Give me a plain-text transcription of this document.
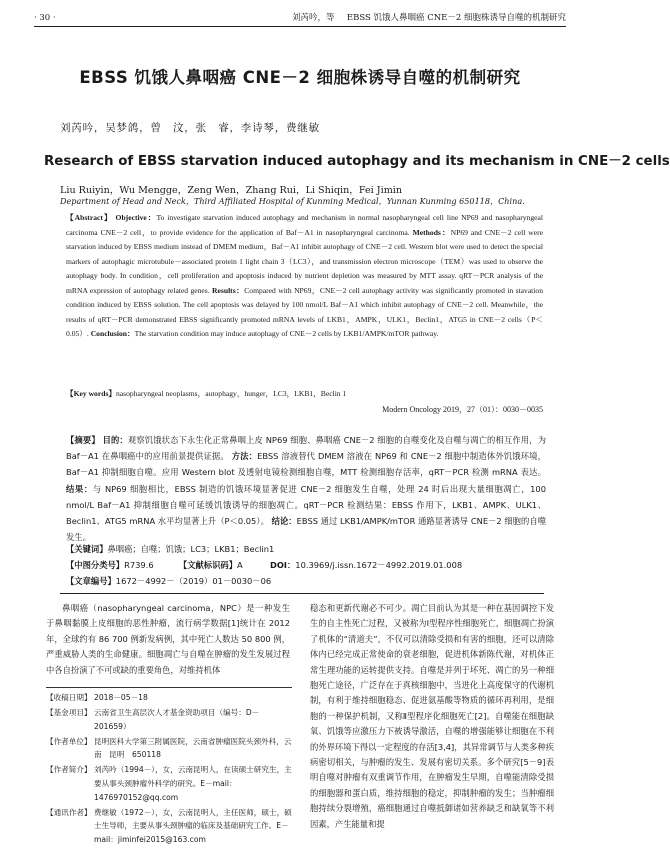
· 30 ·	刘芮吟，等 EBSS 饥饿人鼻咽癌 CNE－2 细胞株诱导自噬的机制研究
EBSS 饥饿人鼻咽癌 CNE－2 细胞株诱导自噬的机制研究
刘芮吟，吴梦鸽，曾　汶，张　睿，李诗琴，费继敏
Research of EBSS starvation induced autophagy and its mechanism in CNE－2 cells
Liu Ruiyin，Wu Mengge，Zeng Wen，Zhang Rui，Li Shiqin，Fei Jimin
Department of Head and Neck，Third Affiliated Hospital of Kunming Medical，Yunnan Kunming 650118，China.
【Abstract】 Objective：To investigate starvation induced autophagy and mechanism in normal nasopharyngeal cell line NP69 and nasopharyngeal carcinoma CNE－2 cell，to provide evidence for the application of Baf－A1 in nasopharyngeal carcinoma. Methods：NP69 and CNE－2 cell were starvation induced by EBSS medium instead of DMEM medium，Baf－A1 inhibit autophagy of CNE－2 cell. Western blot were used to detect the special markers of autophagic microtubule－associated protein 1 light chain 3（LC3），and transmission electron microscope（TEM）was used to observe the autophagy body. In condition，cell proliferation and apoptosis induced by nutrient depletion was measured by MTT assay. qRT－PCR analysis of the mRNA expression of autophagy related genes. Results：Compared with NP69，CNE－2 cell autophagy activity was significantly promoted in stavation condition induced by EBSS solution. The cell apoptosis was delayed by 100 nmol/L Baf－A1 which inhibit autophagy of CNE－2 cell. Meanwhile，the results of qRT－PCR demonstrated EBSS significantly promoted mRNA levels of LKB1，AMPK，ULK1，Beclin1，ATG5 in CNE－2 cells（P＜0.05）. Conclusion：The starvation condition may induce autophagy of CNE－2 cells by LKB1/AMPK/mTOR pathway.
【Key words】nasopharyngeal neoplasms，autophagy，hunger，LC3，LKB1，Beclin 1
Modern Oncology 2019，27（01）：0030－0035
【摘要】 目的：观察饥饿状态下永生化正常鼻咽上皮 NP69 细胞、鼻咽癌 CNE－2 细胞的自噬变化及自噬与凋亡的相互作用，为 Baf－A1 在鼻咽癌中的应用前景提供证据。 方法：EBSS 溶液替代 DMEM 溶液在 NP69 和 CNE－2 细胞中制造体外饥饿环境，Baf－A1 抑制细胞自噬。应用 Western blot 及透射电镜检测细胞自噬，MTT 检测细胞存活率，qRT－PCR 检测 mRNA 表达。 结果：与 NP69 细胞相比，EBSS 制造的饥饿环境显著促进 CNE－2 细胞发生自噬，处理 24 时后出现大量细胞凋亡，100 nmol/L Baf－A1 抑制细胞自噬可延缓饥饿诱导的细胞凋亡。qRT－PCR 检测结果：EBSS 作用下，LKB1、AMPK、ULK1、Beclin1、ATG5 mRNA 水平均显著上升（P＜0.05）。 结论：EBSS 通过 LKB1/AMPK/mTOR 通路显著诱导 CNE－2 细胞的自噬发生。
【关键词】鼻咽癌；自噬；饥饿；LC3；LKB1；Beclin1
【中图分类号】R739.6	【文献标识码】A	DOI：10.3969/j.issn.1672－4992.2019.01.008
【文章编号】1672－4992－（2019）01－0030－06
鼻咽癌（nasopharyngeal carcinoma，NPC）是一种发生于鼻咽黏膜上皮细胞的恶性肿瘤，流行病学数据[1]统计在 2012 年，全球约有 86 700 例新发病例，其中死亡人数达 50 800 例，严重威胁人类的生命健康。细胞凋亡与自噬在肿瘤的发生发展过程中各自扮演了不可或缺的重要角色，对维持机体
稳态和更新代谢必不可少。凋亡目前认为其是一种在基因调控下发生的自主性死亡过程，又被称为Ⅰ型程序性细胞死亡，细胞凋亡扮演了机体的“清道夫”，不仅可以清除受损和有害的细胞，还可以清除体内已经完成正常使命的衰老细胞，促进机体新陈代谢，对机体正常生理功能的运转提供支持。自噬是并列于坏死、凋亡的另一种细胞死亡途径，广泛存在于真核细胞中，当进化上高度保守的代谢机制，有利于维持细胞稳态、促进氨基酸等物质的循环再利用，是细胞的一种保护机制，又称Ⅱ型程序化细胞死亡[2]。自噬能在细胞缺氧、饥饿等应激压力下被诱导激活，自噬的增强能够让细胞在不利的外界环境下得以一定程度的存活[3,4]，其异常调节与人类多种疾病密切相关，与肿瘤的发生、发展有密切关系。多个研究[5－9]表明自噬对肿瘤有双重调节作用，在肿瘤发生早期，自噬能清除受损的细胞器和蛋白质，维持细胞的稳定，抑制肿瘤的发生；当肿瘤细胞持续分裂增殖，癌细胞通过自噬抵御诸如营养缺乏和缺氧等不利因素，产生能量和提
【收稿日期】 2018－05－18
【基金项目】 云南省卫生高层次人才基金资助项目（编号：D－201659）
【作者单位】 昆明医科大学第三附属医院，云南省肿瘤医院头颈外科，云南　昆明　650118
【作者简介】 刘芮吟（1994－），女，云南昆明人，在读硕士研究生，主要从事头颈肿瘤外科学的研究。E－mail：1476970152@qq.com
【通讯作者】 费继敏（1972－），女，云南昆明人，主任医师，硕士，硕士生导师，主要从事头颈肿瘤的临床及基础研究工作。E－mail：jiminfei2015@163.com
